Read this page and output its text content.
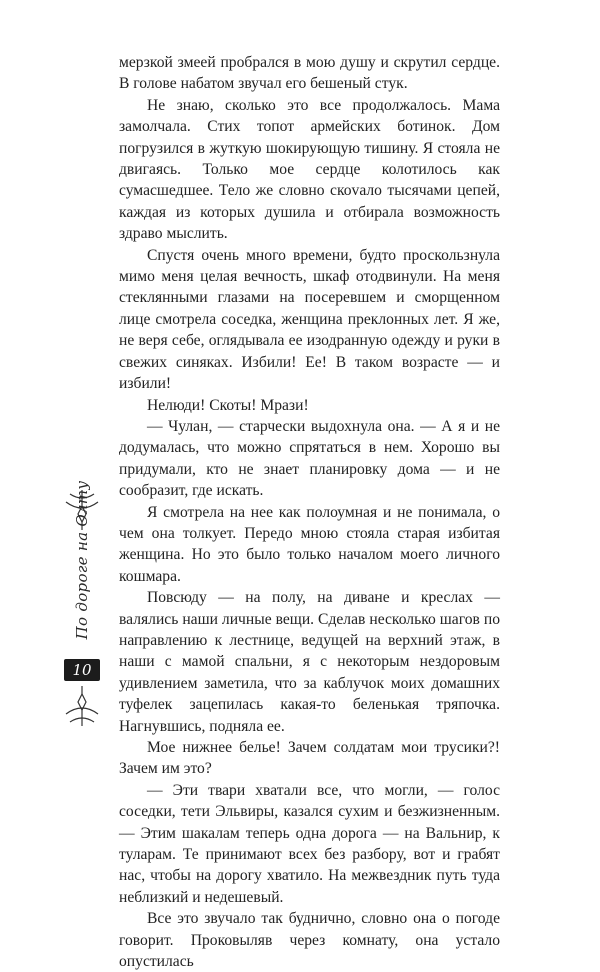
мерзкой змеей пробрался в мою душу и скрутил сердце. В голове набатом звучал его бешеный стук.

Не знаю, сколько это все продолжалось. Мама замолчала. Стих топот армейских ботинок. Дом погрузился в жуткую шокирующую тишину. Я стояла не двигаясь. Только мое сердце колотилось как сумасшедшее. Тело же словно скоvало тысячами цепей, каждая из которых душила и отбирала возможность здраво мыслить.

Спустя очень много времени, будто проскользнула мимо меня целая вечность, шкаф отодвинули. На меня стеклянными глазами на посеревшем и сморщенном лице смотрела соседка, женщина преклонных лет. Я же, не веря себе, оглядывала ее изодранную одежду и руки в свежих синяках. Избили! Ее! В таком возрасте — и избили!

Нелюди! Скоты! Мрази!

— Чулан, — старчески выдохнула она. — А я и не додумалась, что можно спрятаться в нем. Хорошо вы придумали, кто не знает планировку дома — и не сообразит, где искать.

Я смотрела на нее как полоумная и не понимала, о чем она толкует. Передо мною стояла старая избитая женщина. Но это было только началом моего личного кошмара.

Повсюду — на полу, на диване и креслах — валялись наши личные вещи. Сделав несколько шагов по направлению к лестнице, ведущей на верхний этаж, в наши с мамой спальни, я с некоторым нездоровым удивлением заметила, что за каблучок моих домашних туфелек зацепилась какая-то беленькая тряпочка. Нагнувшись, подняла ее.

Мое нижнее белье! Зачем солдатам мои трусики?! Зачем им это?

— Эти твари хватали все, что могли, — голос соседки, тети Эльвиры, казался сухим и безжизненным. — Этим шакалам теперь одна дорога — на Вальнир, к туларам. Те принимают всех без разбору, вот и грабят нас, чтобы на дорогу хватило. На межвездник путь туда неблизкий и недешевый.

Все это звучало так буднично, словно она о погоде говорит. Проковыляв через комнату, она устало опустилась

По дороге на Олту
10
